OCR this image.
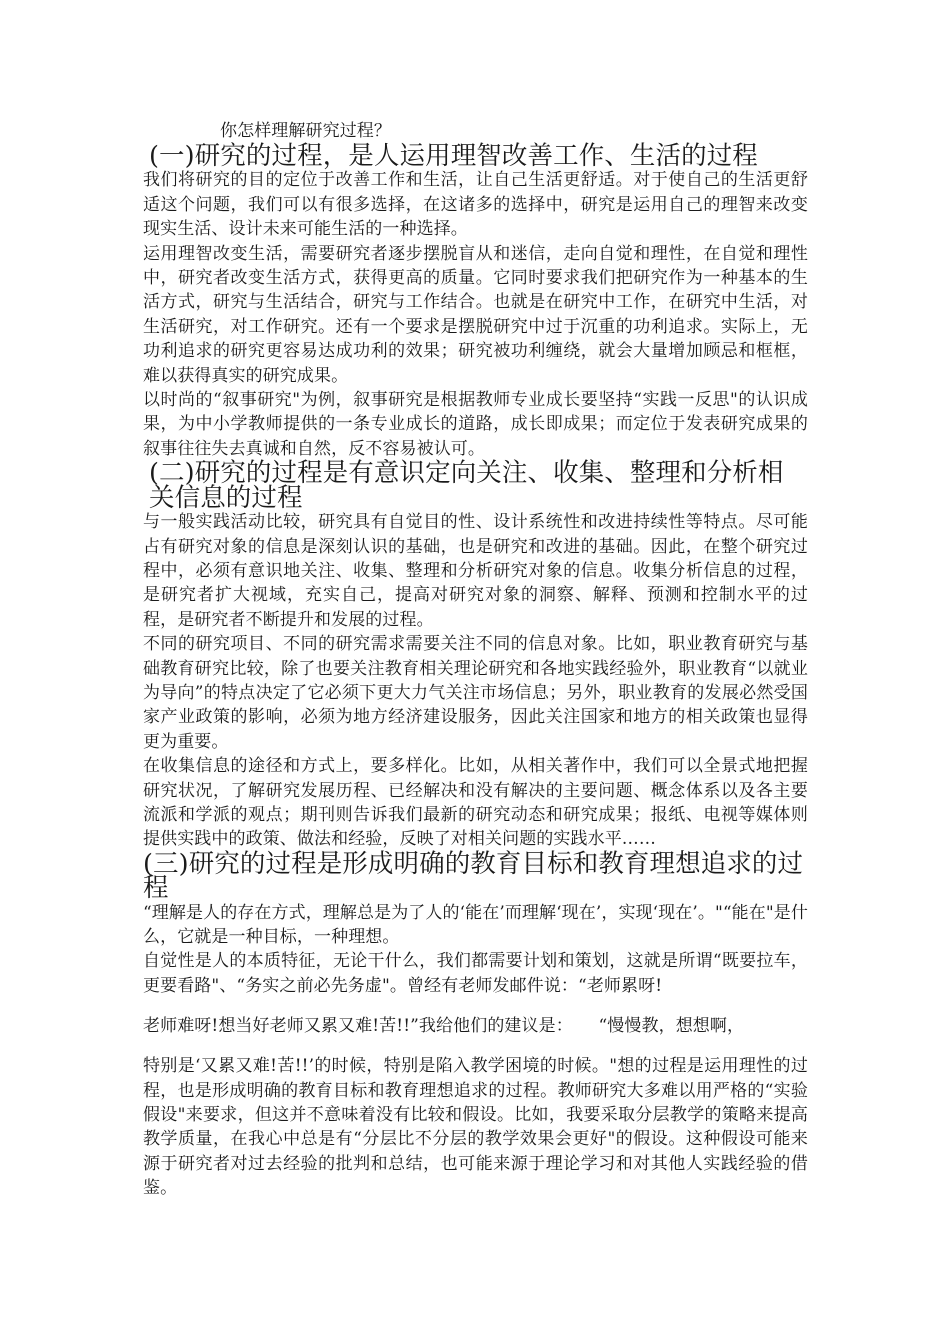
你怎样理解研究过程？
(一)研究的过程，是人运用理智改善工作、生活的过程

我们将研究的目的定位于改善工作和生活，让自己生活更舒适。对于使自己的生活更舒适这个问题，我们可以有很多选择，在这诸多的选择中，研究是运用自己的理智来改变现实生活、设计未来可能生活的一种选择。

运用理智改变生活，需要研究者逐步摆脱盲从和迷信，走向自觉和理性，在自觉和理性中，研究者改变生活方式，获得更高的质量。它同时要求我们把研究作为一种基本的生活方式，研究与生活结合，研究与工作结合。也就是在研究中工作，在研究中生活，对生活研究，对工作研究。还有一个要求是摆脱研究中过于沉重的功利追求。实际上，无功利追求的研究更容易达成功利的效果；研究被功利缠绕，就会大量增加顾忌和框框，难以获得真实的研究成果。

以时尚的“叙事研究"为例，叙事研究是根据教师专业成长要坚持“实践一反思"的认识成果，为中小学教师提供的一条专业成长的道路，成长即成果；而定位于发表研究成果的叙事往往失去真诚和自然，反不容易被认可。

(二)研究的过程是有意识定向关注、收集、整理和分析相关信息的过程

与一般实践活动比较，研究具有自觉目的性、设计系统性和改进持续性等特点。尽可能占有研究对象的信息是深刻认识的基础，也是研究和改进的基础。因此，在整个研究过程中，必须有意识地关注、收集、整理和分析研究对象的信息。收集分析信息的过程，是研究者扩大视域，充实自己，提高对研究对象的洞察、解释、预测和控制水平的过程，是研究者不断提升和发展的过程。

不同的研究项目、不同的研究需求需要关注不同的信息对象。比如，职业教育研究与基础教育研究比较，除了也要关注教育相关理论研究和各地实践经验外，职业教育“以就业为导向”的特点决定了它必须下更大力气关注市场信息；另外，职业教育的发展必然受国家产业政策的影响，必须为地方经济建设服务，因此关注国家和地方的相关政策也显得更为重要。

在收集信息的途径和方式上，要多样化。比如，从相关著作中，我们可以全景式地把握研究状况，了解研究发展历程、已经解决和没有解决的主要问题、概念体系以及各主要流派和学派的观点；期刊则告诉我们最新的研究动态和研究成果；报纸、电视等媒体则提供实践中的政策、做法和经验，反映了对相关问题的实践水平……

(三)研究的过程是形成明确的教育目标和教育理想追求的过程

“理解是人的存在方式，理解总是为了人的‘能在’而理解‘现在’，实现‘现在’。"“能在"是什么，它就是一种目标，一种理想。

自觉性是人的本质特征，无论干什么，我们都需要计划和策划，这就是所谓“既要拉车，更要看路"、“务实之前必先务虚"。曾经有老师发邮件说：“老师累呀!

老师难呀!想当好老师又累又难!苦!!”我给他们的建议是：　　“慢慢教，想想啊，

特别是‘又累又难!苦!!’的时候，特别是陷入教学困境的时候。"想的过程是运用理性的过程，也是形成明确的教育目标和教育理想追求的过程。教师研究大多难以用严格的“实验假设"来要求，但这并不意味着没有比较和假设。比如，我要采取分层教学的策略来提高教学质量，在我心中总是有“分层比不分层的教学效果会更好"的假设。这种假设可能来源于研究者对过去经验的批判和总结，也可能来源于理论学习和对其他人实践经验的借鉴。
